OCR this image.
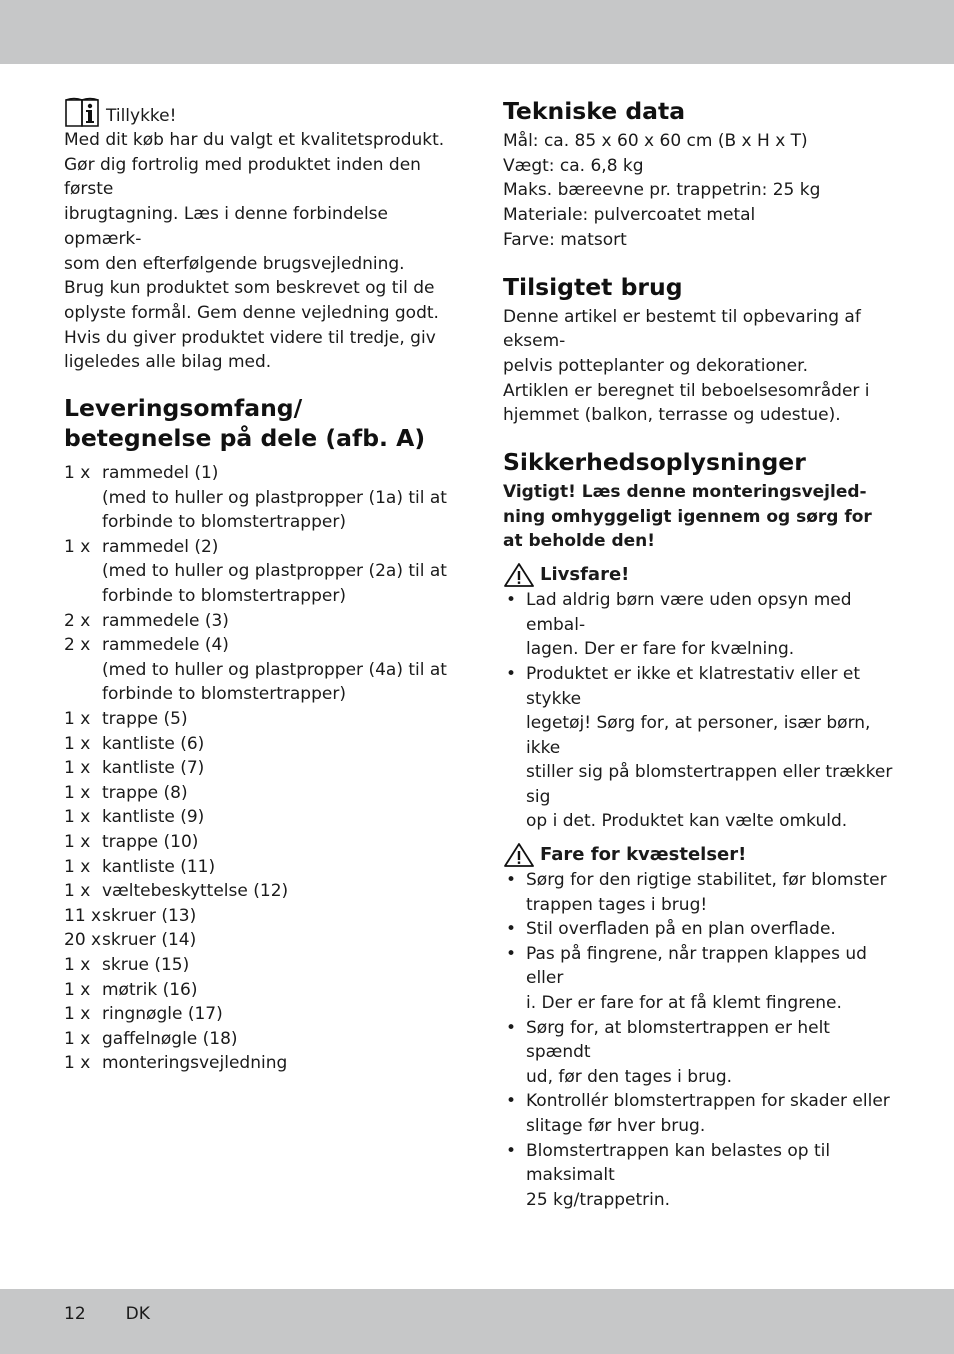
Tillykke!
Med dit køb har du valgt et kvalitetsprodukt.
Gør dig fortrolig med produktet inden den første
ibrugtagning. Læs i denne forbindelse opmærk-
som den efterfølgende brugsvejledning.
Brug kun produktet som beskrevet og til de
oplyste formål. Gem denne vejledning godt.
Hvis du giver produktet videre til tredje, giv
ligeledes alle bilag med.
Leveringsomfang/
betegnelse på dele (afb. A)
1 x rammedel (1)
(med to huller og plastpropper (1a) til at
forbinde to blomstertrapper)
1 x rammedel (2)
(med to huller og plastpropper (2a) til at
forbinde to blomstertrapper)
2 x rammedele (3)
2 x rammedele (4)
(med to huller og plastpropper (4a) til at
forbinde to blomstertrapper)
1 x trappe (5)
1 x kantliste (6)
1 x kantliste (7)
1 x trappe (8)
1 x kantliste (9)
1 x trappe (10)
1 x kantliste (11)
1 x væltebeskyttelse (12)
11 x skruer (13)
20 x skruer (14)
1 x skrue (15)
1 x møtrik (16)
1 x ringnøgle (17)
1 x gaffelnøgle (18)
1 x monteringsvejledning
Tekniske data
Mål: ca. 85 x 60 x 60 cm (B x H x T)
Vægt: ca. 6,8 kg
Maks. bæreevne pr. trappetrin: 25 kg
Materiale: pulvercoatet metal
Farve: matsort
Tilsigtet brug
Denne artikel er bestemt til opbevaring af eksem-
pelvis potteplanter og dekorationer.
Artiklen er beregnet til beboelsesområder i
hjemmet (balkon, terrasse og udestue).
Sikkerhedsoplysninger
Vigtigt! Læs denne monteringsvejled-
ning omhyggeligt igennem og sørg for
at beholde den!
Livsfare!
• Lad aldrig børn være uden opsyn med embal-
lagen. Der er fare for kvælning.
• Produktet er ikke et klatrestativ eller et stykke
legetøj! Sørg for, at personer, især børn, ikke
stiller sig på blomstertrappen eller trækker sig
op i det. Produktet kan vælte omkuld.
Fare for kvæstelser!
• Sørg for den rigtige stabilitet, før blomster
trappen tages i brug!
• Stil overfladen på en plan overflade.
• Pas på fingrene, når trappen klappes ud eller
i. Der er fare for at få klemt fingrene.
• Sørg for, at blomstertrappen er helt spændt
ud, før den tages i brug.
• Kontrollér blomstertrappen for skader eller
slitage før hver brug.
• Blomstertrappen kan belastes op til maksimalt
25 kg/trappetrin.
12 DK
